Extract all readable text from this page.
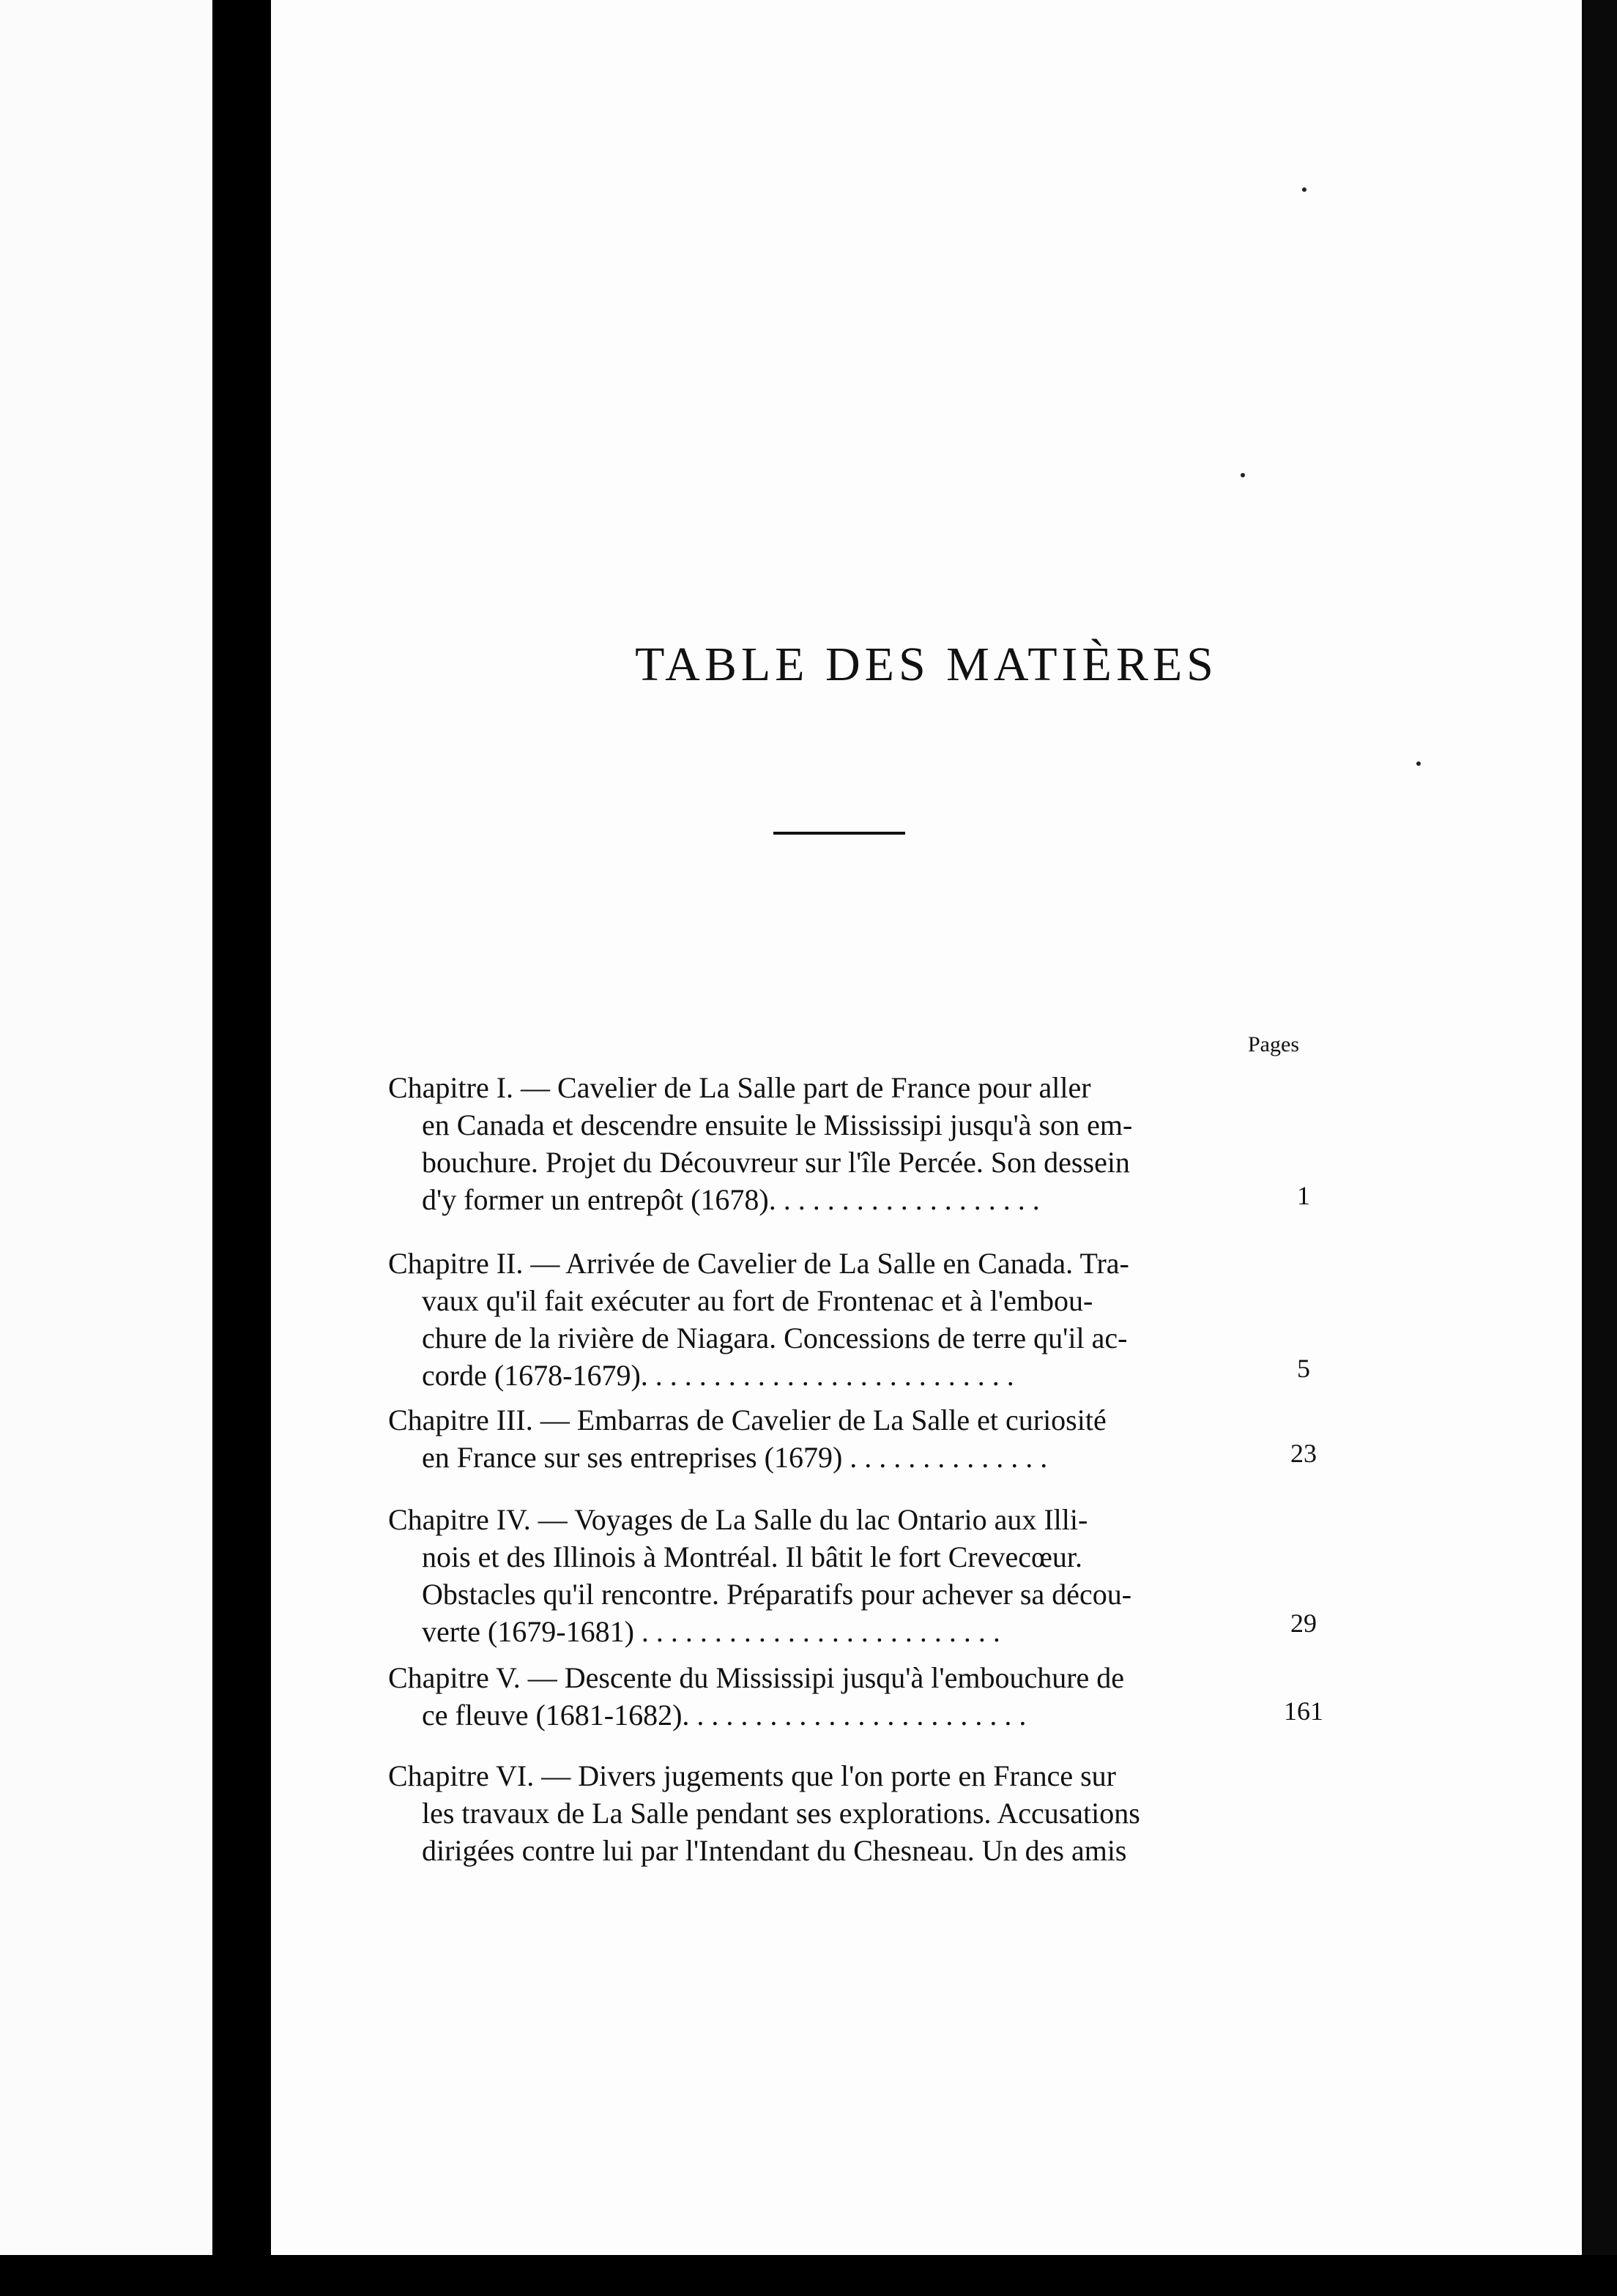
TABLE DES MATIÈRES
Pages
Chapitre I. — Cavelier de La Salle part de France pour aller
en Canada et descendre ensuite le Mississipi jusqu'à son em-
bouchure. Projet du Découvreur sur l'île Percée. Son dessein
d'y former un entrepôt (1678). . . . . . . . . . . . . . . . . . .	1
Chapitre II. — Arrivée de Cavelier de La Salle en Canada. Tra-
vaux qu'il fait exécuter au fort de Frontenac et à l'embou-
chure de la rivière de Niagara. Concessions de terre qu'il ac-
corde (1678-1679). . . . . . . . . . . . . . . . . . . . . . . . . .	5
Chapitre III. — Embarras de Cavelier de La Salle et curiosité
en France sur ses entreprises (1679) . . . . . . . . . . . . . .	23
Chapitre IV. — Voyages de La Salle du lac Ontario aux Illi-
nois et des Illinois à Montréal. Il bâtit le fort Crevecœur.
Obstacles qu'il rencontre. Préparatifs pour achever sa décou-
verte (1679-1681) . . . . . . . . . . . . . . . . . . . . . . . . .	29
Chapitre V. — Descente du Mississipi jusqu'à l'embouchure de
ce fleuve (1681-1682). . . . . . . . . . . . . . . . . . . . . . . .	161
Chapitre VI. — Divers jugements que l'on porte en France sur
les travaux de La Salle pendant ses explorations. Accusations
dirigées contre lui par l'Intendant du Chesneau. Un des amis
